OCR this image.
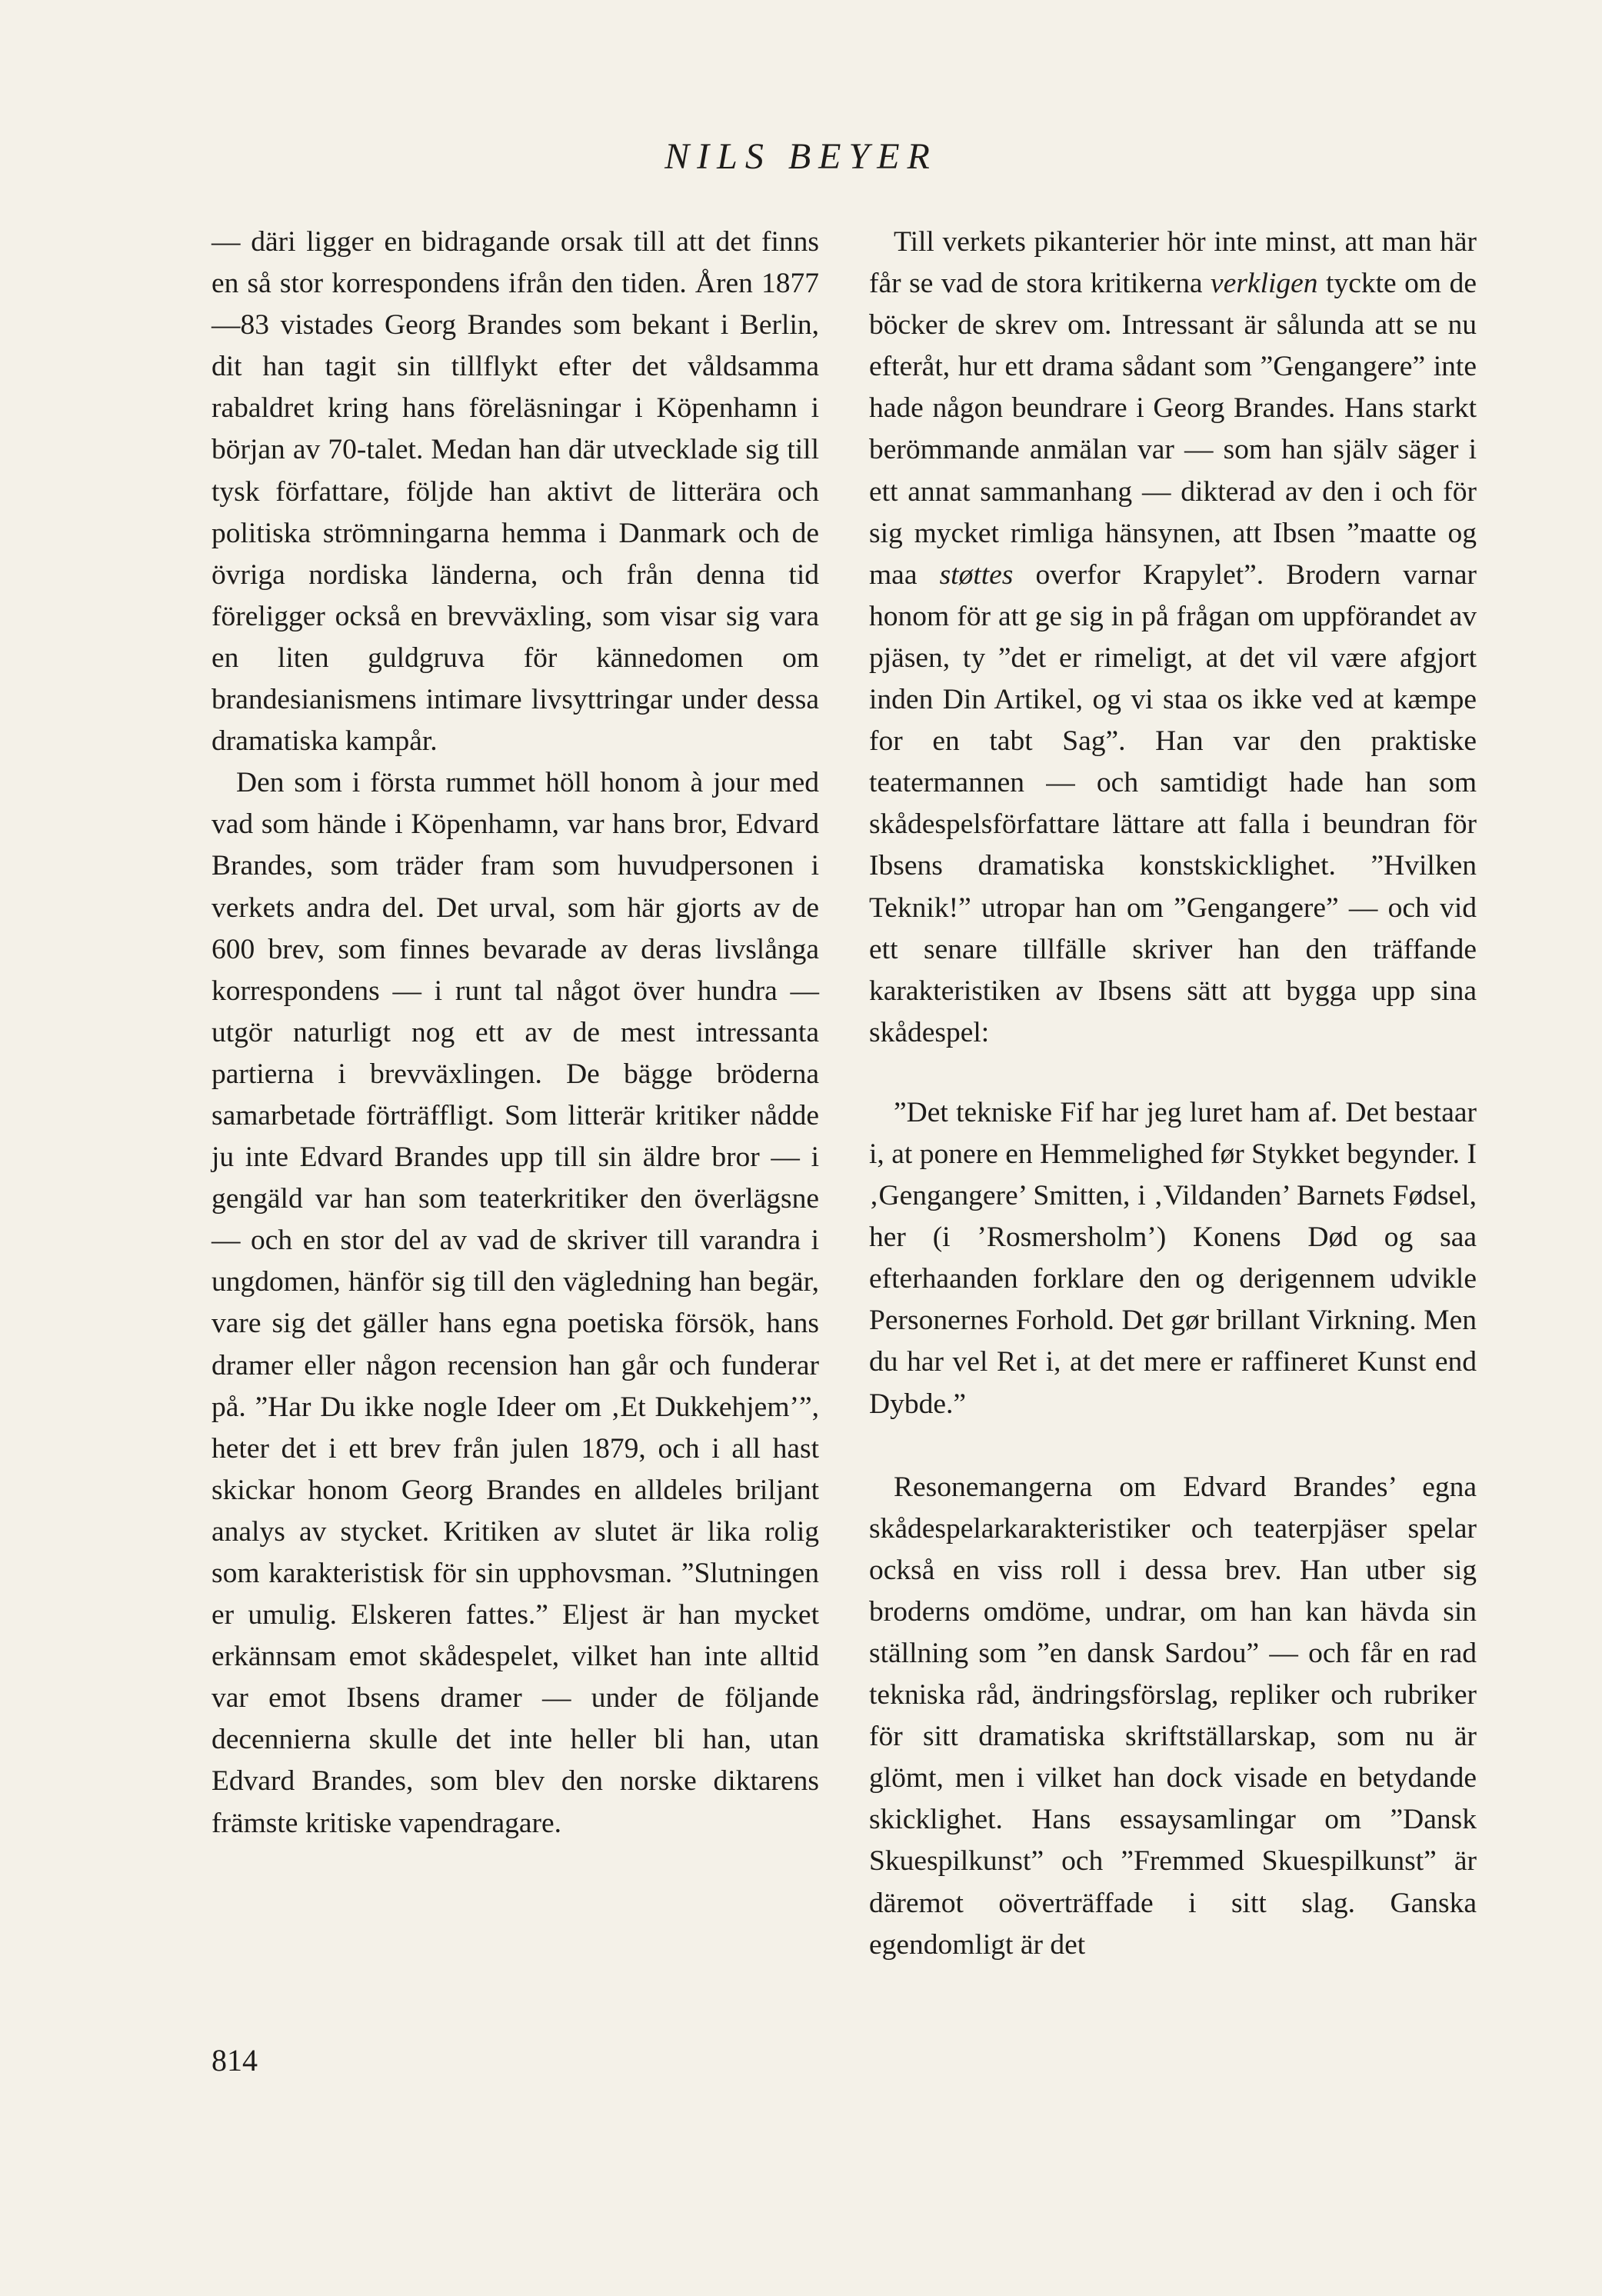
NILS BEYER

— däri ligger en bidragande orsak till att det finns en så stor korrespondens ifrån den tiden. Åren 1877—83 vistades Georg Brandes som bekant i Berlin, dit han tagit sin tillflykt efter det våldsamma rabaldret kring hans föreläsningar i Köpenhamn i början av 70-talet. Medan han där utvecklade sig till tysk författare, följde han aktivt de litterära och politiska strömningarna hemma i Danmark och de övriga nordiska länderna, och från denna tid föreligger också en brevväxling, som visar sig vara en liten guldgruva för kännedomen om brandesianismens intimare livsyttringar under dessa dramatiska kampår.

Den som i första rummet höll honom à jour med vad som hände i Köpenhamn, var hans bror, Edvard Brandes, som träder fram som huvudpersonen i verkets andra del. Det urval, som här gjorts av de 600 brev, som finnes bevarade av deras livslånga korrespondens — i runt tal något över hundra — utgör naturligt nog ett av de mest intressanta partierna i brevväxlingen. De bägge bröderna samarbetade förträffligt. Som litterär kritiker nådde ju inte Edvard Brandes upp till sin äldre bror — i gengäld var han som teaterkritiker den överlägsne — och en stor del av vad de skriver till varandra i ungdomen, hänför sig till den vägledning han begär, vare sig det gäller hans egna poetiska försök, hans dramer eller någon recension han går och funderar på. ”Har Du ikke nogle Ideer om ‚Et Dukkehjem’”, heter det i ett brev från julen 1879, och i all hast skickar honom Georg Brandes en alldeles briljant analys av stycket. Kritiken av slutet är lika rolig som karakteristisk för sin upphovsman. ”Slutningen er umulig. Elskeren fattes.” Eljest är han mycket erkännsam emot skådespelet, vilket han inte alltid var emot Ibsens dramer — under de följande decennierna skulle det inte heller bli han, utan Edvard Brandes, som blev den norske diktarens främste kritiske vapendragare.

Till verkets pikanterier hör inte minst, att man här får se vad de stora kritikerna verkligen tyckte om de böcker de skrev om. Intressant är sålunda att se nu efteråt, hur ett drama sådant som ”Gengangere” inte hade någon beundrare i Georg Brandes. Hans starkt berömmande anmälan var — som han själv säger i ett annat sammanhang — dikterad av den i och för sig mycket rimliga hänsynen, att Ibsen ”maatte og maa støttes overfor Krapylet”. Brodern varnar honom för att ge sig in på frågan om uppförandet av pjäsen, ty ”det er rimeligt, at det vil være afgjort inden Din Artikel, og vi staa os ikke ved at kæmpe for en tabt Sag”. Han var den praktiske teatermannen — och samtidigt hade han som skådespelsförfattare lättare att falla i beundran för Ibsens dramatiska konstskicklighet. ”Hvilken Teknik!” utropar han om ”Gengangere” — och vid ett senare tillfälle skriver han den träffande karakteristiken av Ibsens sätt att bygga upp sina skådespel:

”Det tekniske Fif har jeg luret ham af. Det bestaar i, at ponere en Hemmelighed før Stykket begynder. I ‚Gengangere’ Smitten, i ‚Vildanden’ Barnets Fødsel, her (i ’Rosmersholm’) Konens Død og saa efterhaanden forklare den og derigennem udvikle Personernes Forhold. Det gør brillant Virkning. Men du har vel Ret i, at det mere er raffineret Kunst end Dybde.”

Resonemangerna om Edvard Brandes’ egna skådespelarkarakteristiker och teaterpjäser spelar också en viss roll i dessa brev. Han utber sig broderns omdöme, undrar, om han kan hävda sin ställning som ”en dansk Sardou” — och får en rad tekniska råd, ändringsförslag, repliker och rubriker för sitt dramatiska skriftställarskap, som nu är glömt, men i vilket han dock visade en betydande skicklighet. Hans essaysamlingar om ”Dansk Skuespilkunst” och ”Fremmed Skuespilkunst” är däremot oöverträffade i sitt slag. Ganska egendomligt är det

814
